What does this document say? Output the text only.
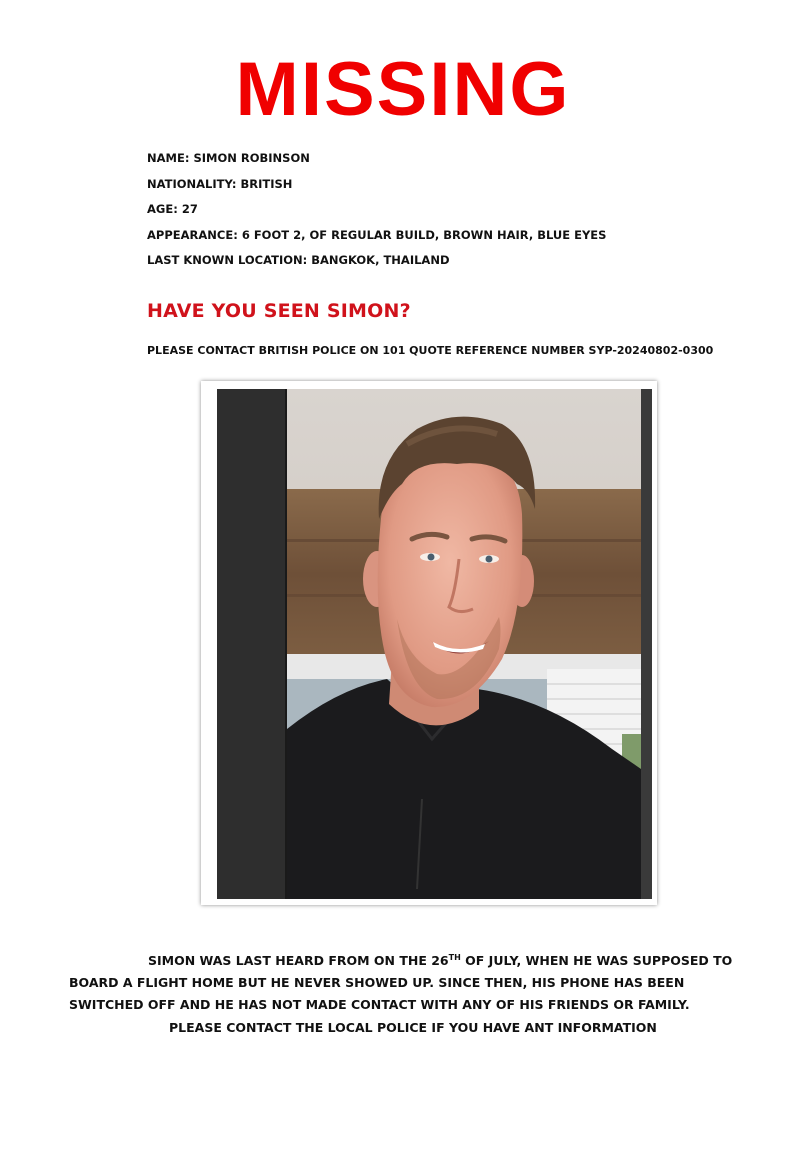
MISSING
NAME: SIMON ROBINSON
NATIONALITY: BRITISH
AGE: 27
APPEARANCE: 6 FOOT 2, OF REGULAR BUILD, BROWN HAIR, BLUE EYES
LAST KNOWN LOCATION: BANGKOK, THAILAND
HAVE YOU SEEN SIMON?
PLEASE CONTACT BRITISH POLICE ON 101 QUOTE REFERENCE NUMBER SYP-20240802-0300

SIMON WAS LAST HEARD FROM ON THE 26TH OF JULY, WHEN HE WAS SUPPOSED TO BOARD A FLIGHT HOME BUT HE NEVER SHOWED UP. SINCE THEN, HIS PHONE HAS BEEN SWITCHED OFF AND HE HAS NOT MADE CONTACT WITH ANY OF HIS FRIENDS OR FAMILY.

PLEASE CONTACT THE LOCAL POLICE IF YOU HAVE ANT INFORMATION
